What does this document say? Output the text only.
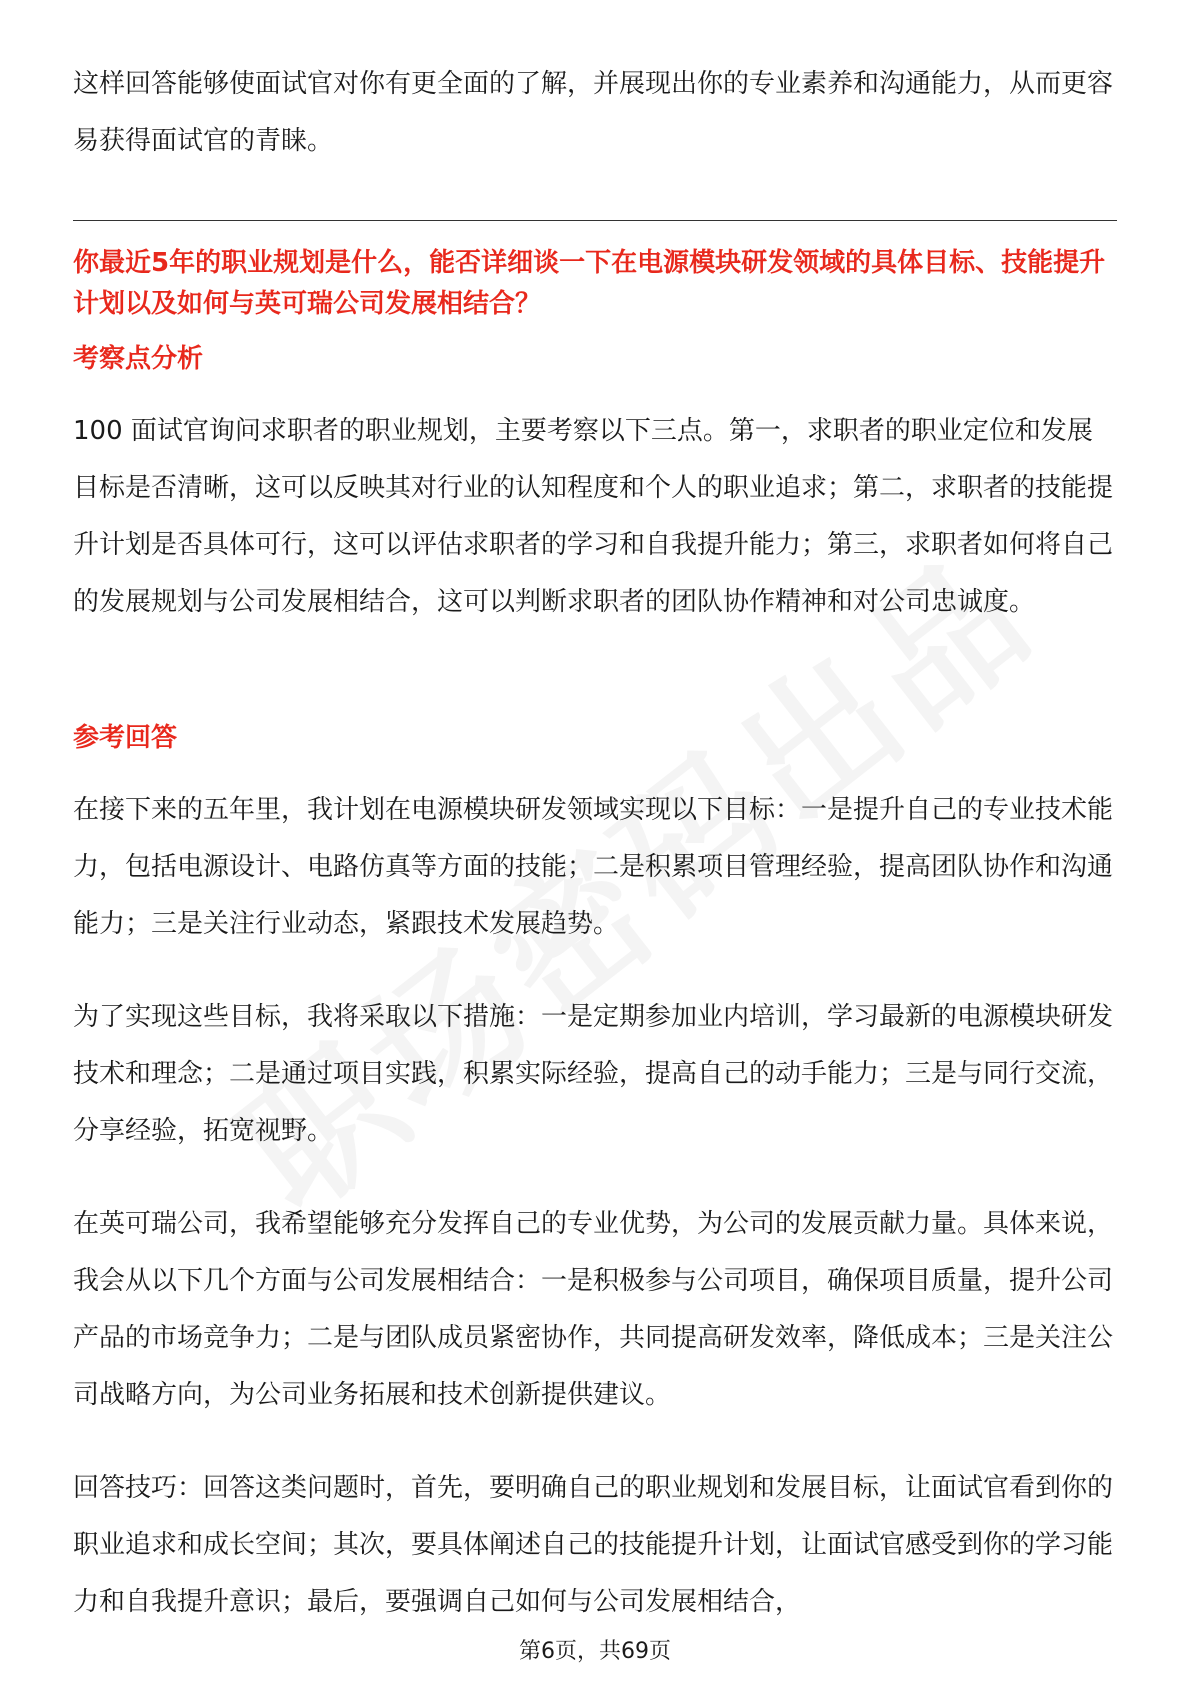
这样回答能够使面试官对你有更全面的了解，并展现出你的专业素养和沟通能力，从而更容易获得面试官的青睐。

你最近5年的职业规划是什么，能否详细谈一下在电源模块研发领域的具体目标、技能提升计划以及如何与英可瑞公司发展相结合？
考察点分析

100 面试官询问求职者的职业规划，主要考察以下三点。第一，求职者的职业定位和发展目标是否清晰，这可以反映其对行业的认知程度和个人的职业追求；第二，求职者的技能提升计划是否具体可行，这可以评估求职者的学习和自我提升能力；第三，求职者如何将自己的发展规划与公司发展相结合，这可以判断求职者的团队协作精神和对公司忠诚度。

参考回答

在接下来的五年里，我计划在电源模块研发领域实现以下目标：一是提升自己的专业技术能力，包括电源设计、电路仿真等方面的技能；二是积累项目管理经验，提高团队协作和沟通能力；三是关注行业动态，紧跟技术发展趋势。

为了实现这些目标，我将采取以下措施：一是定期参加业内培训，学习最新的电源模块研发技术和理念；二是通过项目实践，积累实际经验，提高自己的动手能力；三是与同行交流，分享经验，拓宽视野。

在英可瑞公司，我希望能够充分发挥自己的专业优势，为公司的发展贡献力量。具体来说，我会从以下几个方面与公司发展相结合：一是积极参与公司项目，确保项目质量，提升公司产品的市场竞争力；二是与团队成员紧密协作，共同提高研发效率，降低成本；三是关注公司战略方向，为公司业务拓展和技术创新提供建议。

回答技巧：回答这类问题时，首先，要明确自己的职业规划和发展目标，让面试官看到你的职业追求和成长空间；其次，要具体阐述自己的技能提升计划，让面试官感受到你的学习能力和自我提升意识；最后，要强调自己如何与公司发展相结合，

第6页，共69页
